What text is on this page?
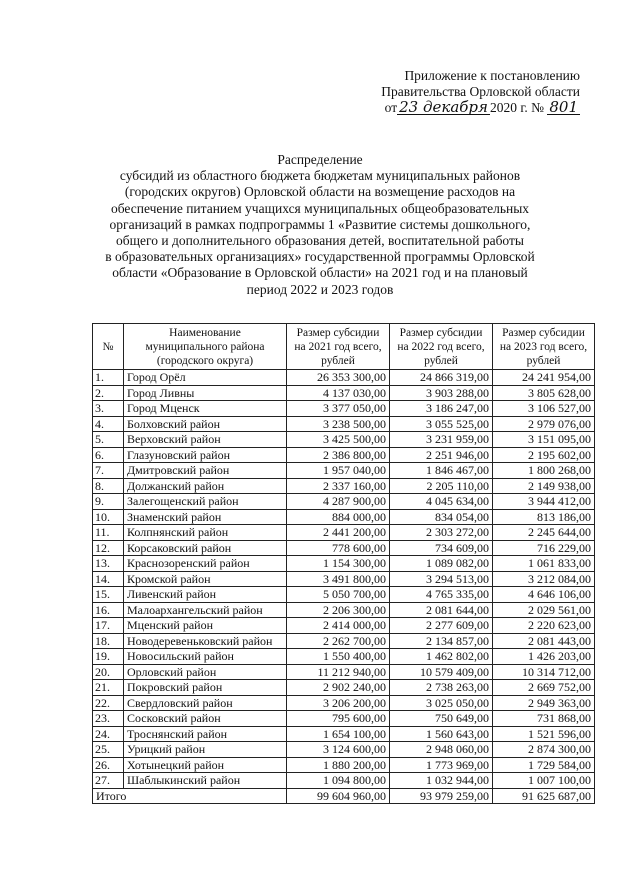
Приложение к постановлению
Правительства Орловской области
от 23 декабря 2020 г. № 801
Распределение
субсидий из областного бюджета бюджетам муниципальных районов
(городских округов) Орловской области на возмещение расходов на
обеспечение питанием учащихся муниципальных общеобразовательных
организаций в рамках подпрограммы 1 «Развитие системы дошкольного,
общего и дополнительного образования детей, воспитательной работы
в образовательных организациях» государственной программы Орловской
области «Образование в Орловской области» на 2021 год и на плановый
период 2022 и 2023 годов
№	Наименование муниципального района (городского округа)	Размер субсидии на 2021 год всего, рублей	Размер субсидии на 2022 год всего, рублей	Размер субсидии на 2023 год всего, рублей
1.	Город Орёл	26 353 300,00	24 866 319,00	24 241 954,00
2.	Город Ливны	4 137 030,00	3 903 288,00	3 805 628,00
3.	Город Мценск	3 377 050,00	3 186 247,00	3 106 527,00
4.	Болховский район	3 238 500,00	3 055 525,00	2 979 076,00
5.	Верховский район	3 425 500,00	3 231 959,00	3 151 095,00
6.	Глазуновский район	2 386 800,00	2 251 946,00	2 195 602,00
7.	Дмитровский район	1 957 040,00	1 846 467,00	1 800 268,00
8.	Должанский район	2 337 160,00	2 205 110,00	2 149 938,00
9.	Залегощенский район	4 287 900,00	4 045 634,00	3 944 412,00
10.	Знаменский район	884 000,00	834 054,00	813 186,00
11.	Колпнянский район	2 441 200,00	2 303 272,00	2 245 644,00
12.	Корсаковский район	778 600,00	734 609,00	716 229,00
13.	Краснозоренский район	1 154 300,00	1 089 082,00	1 061 833,00
14.	Кромской район	3 491 800,00	3 294 513,00	3 212 084,00
15.	Ливенский район	5 050 700,00	4 765 335,00	4 646 106,00
16.	Малоархангельский район	2 206 300,00	2 081 644,00	2 029 561,00
17.	Мценский район	2 414 000,00	2 277 609,00	2 220 623,00
18.	Новодеревеньковский район	2 262 700,00	2 134 857,00	2 081 443,00
19.	Новосильский район	1 550 400,00	1 462 802,00	1 426 203,00
20.	Орловский район	11 212 940,00	10 579 409,00	10 314 712,00
21.	Покровский район	2 902 240,00	2 738 263,00	2 669 752,00
22.	Свердловский район	3 206 200,00	3 025 050,00	2 949 363,00
23.	Сосковский район	795 600,00	750 649,00	731 868,00
24.	Троснянский район	1 654 100,00	1 560 643,00	1 521 596,00
25.	Урицкий район	3 124 600,00	2 948 060,00	2 874 300,00
26.	Хотынецкий район	1 880 200,00	1 773 969,00	1 729 584,00
27.	Шаблыкинский район	1 094 800,00	1 032 944,00	1 007 100,00
Итого		99 604 960,00	93 979 259,00	91 625 687,00
